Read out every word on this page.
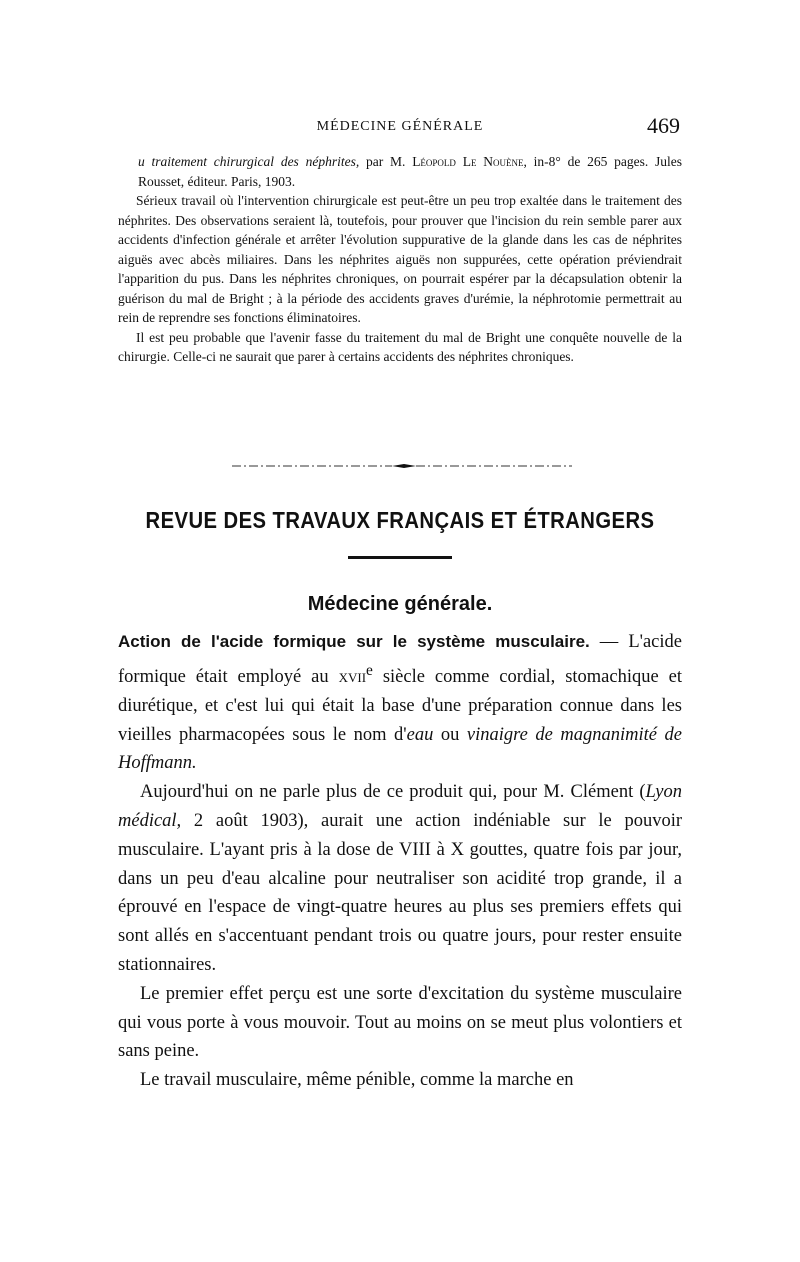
MÉDECINE GÉNÉRALE	469

u traitement chirurgical des néphrites, par M. Léopold Le Nouène, in-8° de 265 pages. Jules Rousset, éditeur. Paris, 1903.

Sérieux travail où l'intervention chirurgicale est peut-être un peu trop exaltée dans le traitement des néphrites. Des observations seraient là, toutefois, pour prouver que l'incision du rein semble parer aux accidents d'infection générale et arrêter l'évolution suppurative de la glande dans les cas de néphrites aiguës avec abcès miliaires. Dans les néphrites aiguës non suppurées, cette opération préviendrait l'apparition du pus. Dans les néphrites chroniques, on pourrait espérer par la décapsulation obtenir la guérison du mal de Bright ; à la période des accidents graves d'urémie, la néphrotomie permettrait au rein de reprendre ses fonctions éliminatoires.

Il est peu probable que l'avenir fasse du traitement du mal de Bright une conquête nouvelle de la chirurgie. Celle-ci ne saurait que parer à certains accidents des néphrites chroniques.

REVUE DES TRAVAUX FRANÇAIS ET ÉTRANGERS
Médecine générale.

Action de l'acide formique sur le système musculaire. — L'acide formique était employé au xvii$^e$ siècle comme cordial, stomachique et diurétique, et c'est lui qui était la base d'une préparation connue dans les vieilles pharmacopées sous le nom d'eau ou vinaigre de magnanimité de Hoffmann.

Aujourd'hui on ne parle plus de ce produit qui, pour M. Clément (Lyon médical, 2 août 1903), aurait une action indéniable sur le pouvoir musculaire. L'ayant pris à la dose de VIII à X gouttes, quatre fois par jour, dans un peu d'eau alcaline pour neutraliser son acidité trop grande, il a éprouvé en l'espace de vingt-quatre heures au plus ses premiers effets qui sont allés en s'accentuant pendant trois ou quatre jours, pour rester ensuite stationnaires.

Le premier effet perçu est une sorte d'excitation du système musculaire qui vous porte à vous mouvoir. Tout au moins on se meut plus volontiers et sans peine.

Le travail musculaire, même pénible, comme la marche en
